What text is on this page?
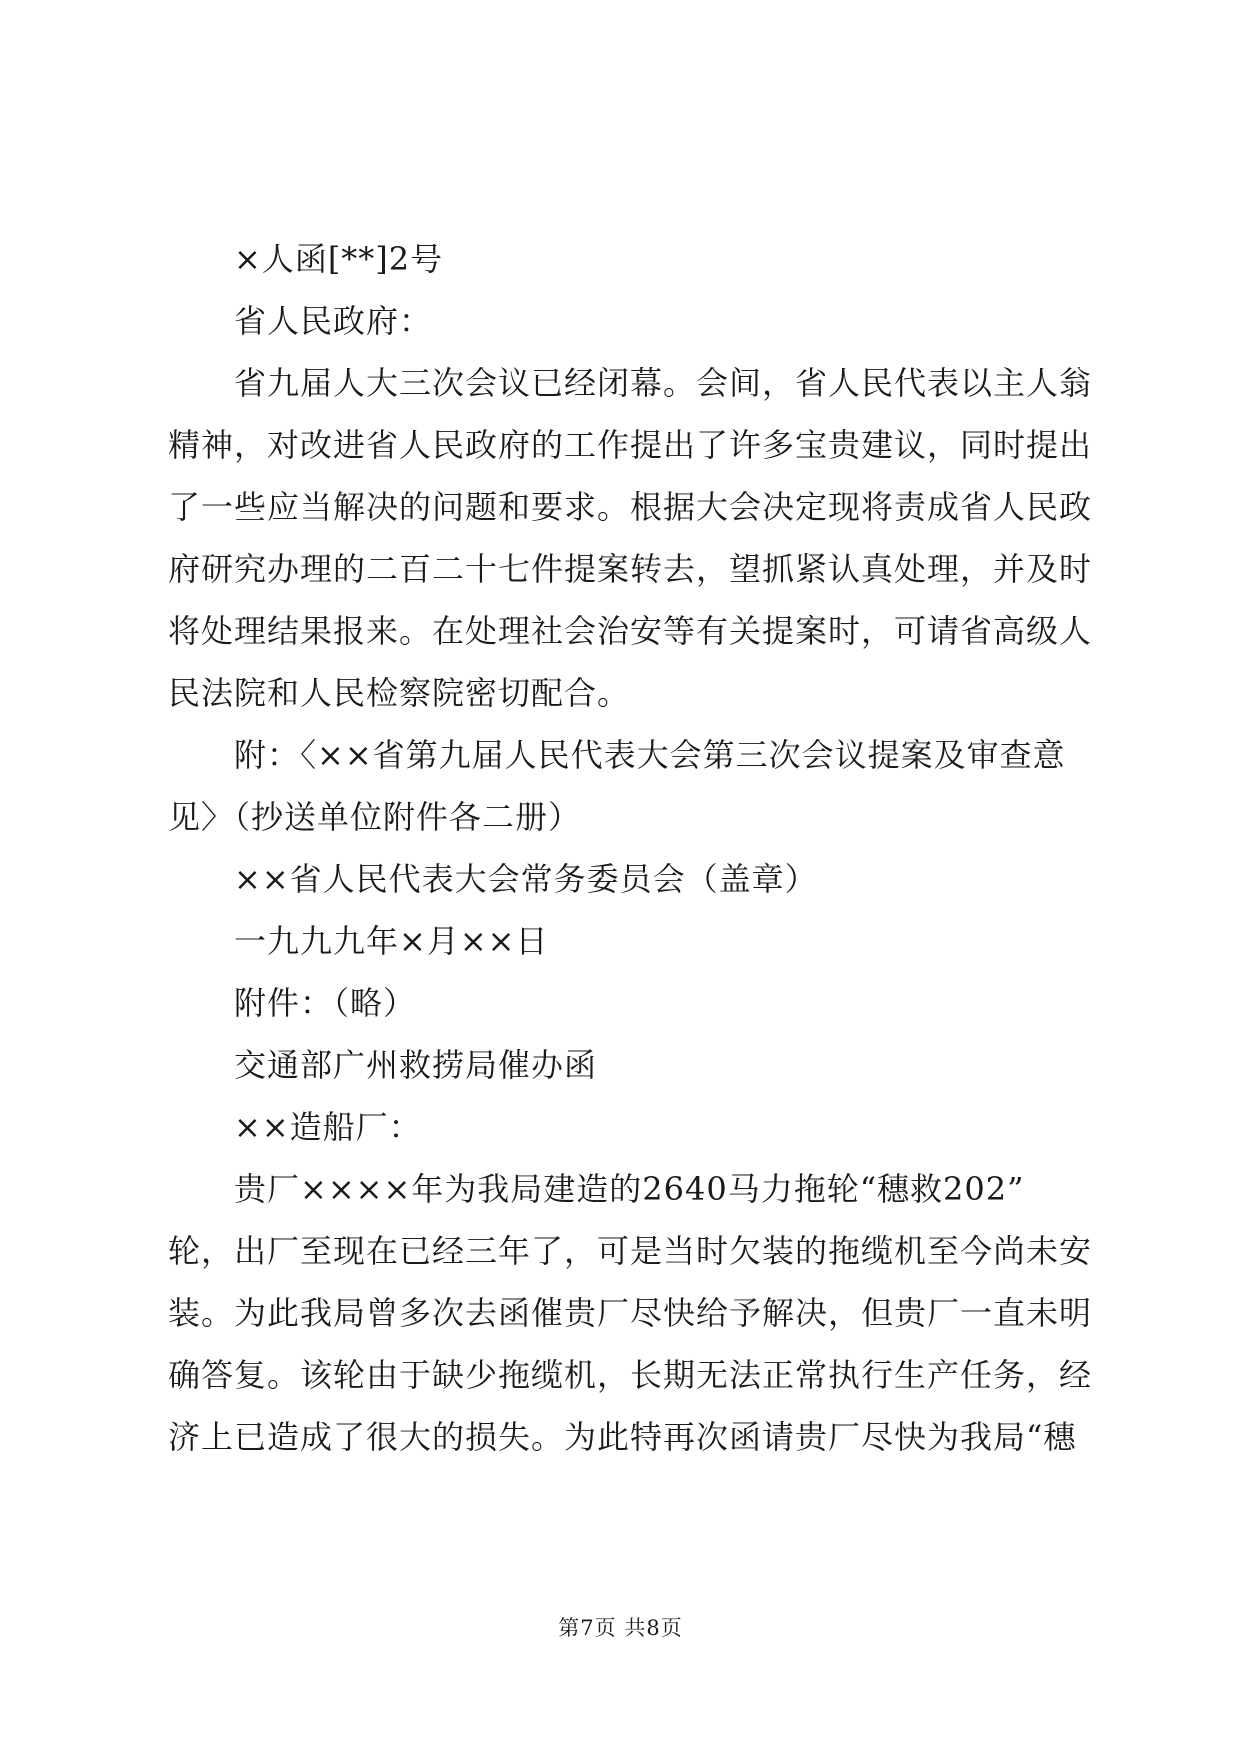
×人函[**]2号
省人民政府：
省九届人大三次会议已经闭幕。会间，省人民代表以主人翁
精神，对改进省人民政府的工作提出了许多宝贵建议，同时提出
了一些应当解决的问题和要求。根据大会决定现将责成省人民政
府研究办理的二百二十七件提案转去，望抓紧认真处理，并及时
将处理结果报来。在处理社会治安等有关提案时，可请省高级人
民法院和人民检察院密切配合。
附：〈××省第九届人民代表大会第三次会议提案及审查意
见〉（抄送单位附件各二册）
××省人民代表大会常务委员会（盖章）
一九九九年×月××日
附件：（略）
交通部广州救捞局催办函
××造船厂：
贵厂××××年为我局建造的2640马力拖轮“穗救202”
轮，出厂至现在已经三年了，可是当时欠装的拖缆机至今尚未安
装。为此我局曾多次去函催贵厂尽快给予解决，但贵厂一直未明
确答复。该轮由于缺少拖缆机，长期无法正常执行生产任务，经
济上已造成了很大的损失。为此特再次函请贵厂尽快为我局“穗
第7页 共8页
